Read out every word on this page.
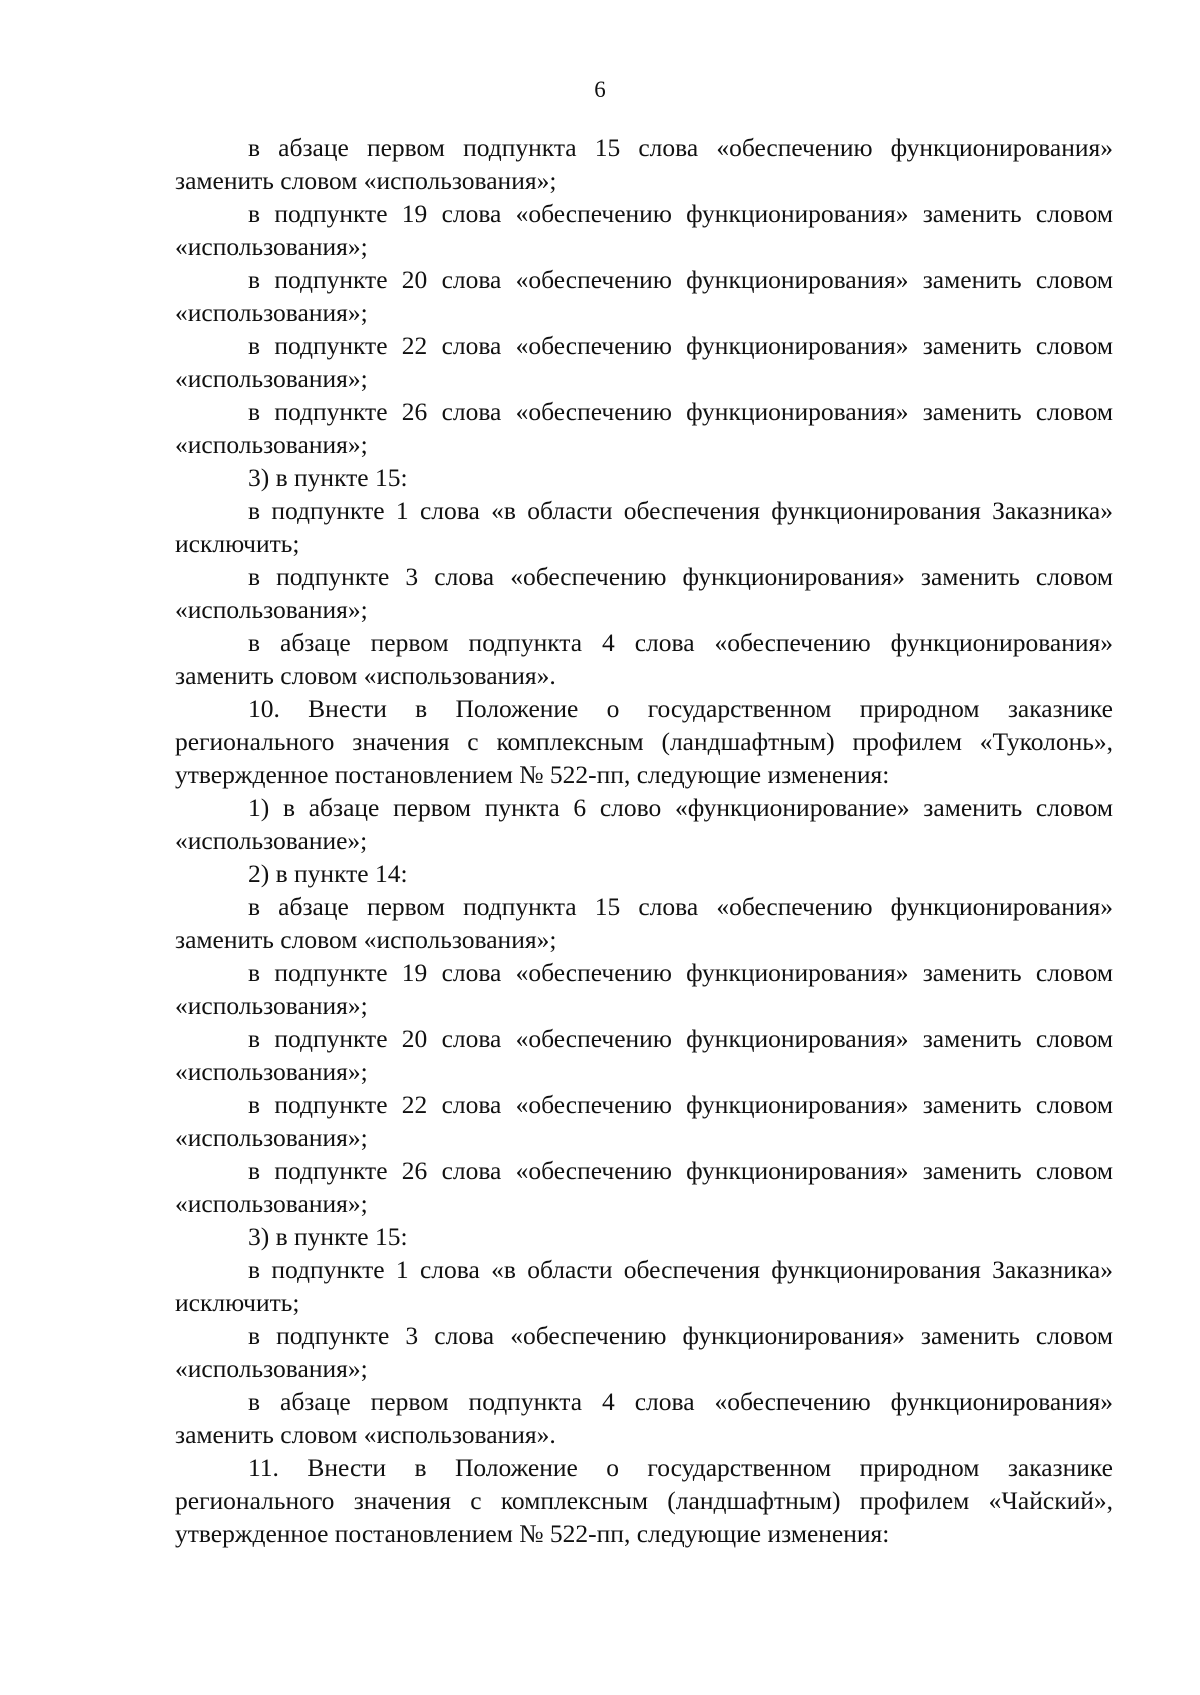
6

в абзаце первом подпункта 15 слова «обеспечению функционирования» заменить словом «использования»;

в подпункте 19 слова «обеспечению функционирования» заменить словом «использования»;

в подпункте 20 слова «обеспечению функционирования» заменить словом «использования»;

в подпункте 22 слова «обеспечению функционирования» заменить словом «использования»;

в подпункте 26 слова «обеспечению функционирования» заменить словом «использования»;

3) в пункте 15:

в подпункте 1 слова «в области обеспечения функционирования Заказника» исключить;

в подпункте 3 слова «обеспечению функционирования» заменить словом «использования»;

в абзаце первом подпункта 4 слова «обеспечению функционирования» заменить словом «использования».

10. Внести в Положение о государственном природном заказнике регионального значения с комплексным (ландшафтным) профилем «Туколонь», утвержденное постановлением № 522-пп, следующие изменения:

1) в абзаце первом пункта 6 слово «функционирование» заменить словом «использование»;

2) в пункте 14:

в абзаце первом подпункта 15 слова «обеспечению функционирования» заменить словом «использования»;

в подпункте 19 слова «обеспечению функционирования» заменить словом «использования»;

в подпункте 20 слова «обеспечению функционирования» заменить словом «использования»;

в подпункте 22 слова «обеспечению функционирования» заменить словом «использования»;

в подпункте 26 слова «обеспечению функционирования» заменить словом «использования»;

3) в пункте 15:

в подпункте 1 слова «в области обеспечения функционирования Заказника» исключить;

в подпункте 3 слова «обеспечению функционирования» заменить словом «использования»;

в абзаце первом подпункта 4 слова «обеспечению функционирования» заменить словом «использования».

11. Внести в Положение о государственном природном заказнике регионального значения с комплексным (ландшафтным) профилем «Чайский», утвержденное постановлением № 522-пп, следующие изменения:
